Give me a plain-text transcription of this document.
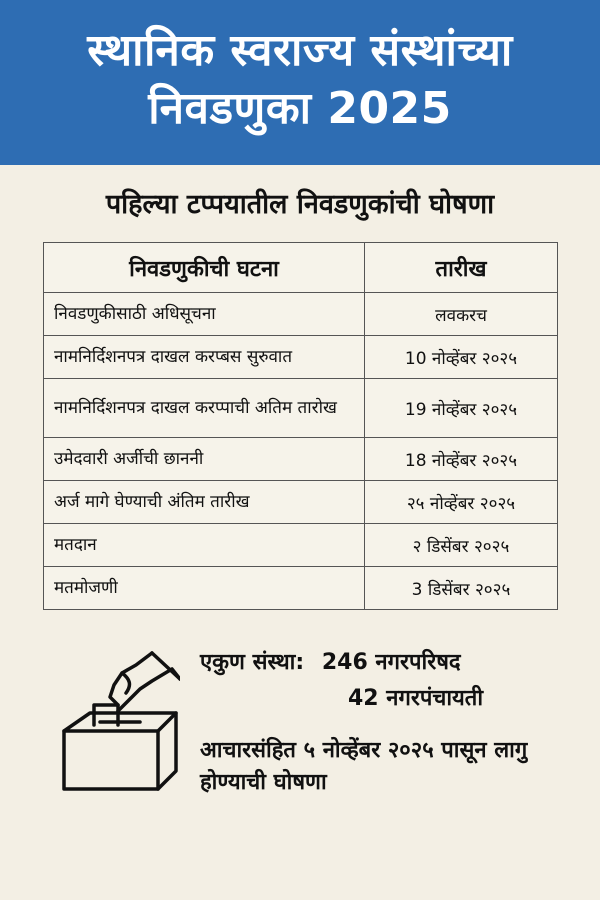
स्थानिक स्वराज्य संस्थांच्या
निवडणुका 2025
पहिल्या टप्पयातील निवडणुकांची घोषणा
निवडणुकीची घटना	तारीख
निवडणुकीसाठी अधिसूचना	लवकरच
नामनिर्दिशनपत्र दाखल करप्बस सुरुवात	10 नोव्हेंबर २०२५
नामनिर्दिशनपत्र दाखल करप्पाची अतिम तारोख	19 नोव्हेंबर २०२५
उमेदवारी अर्जीची छाननी	18 नोव्हेंबर २०२५
अर्ज मागे घेण्याची अंतिम तारीख	२५ नोव्हेंबर २०२५
मतदान	२ डिसेंबर २०२५
मतमोजणी	3 डिसेंबर २०२५
एकुण संस्था: 246 नगरपरिषद
42 नगरपंचायती
आचारसंहित ५ नोव्हेंबर २०२५ पासून लागु होण्याची घोषणा
